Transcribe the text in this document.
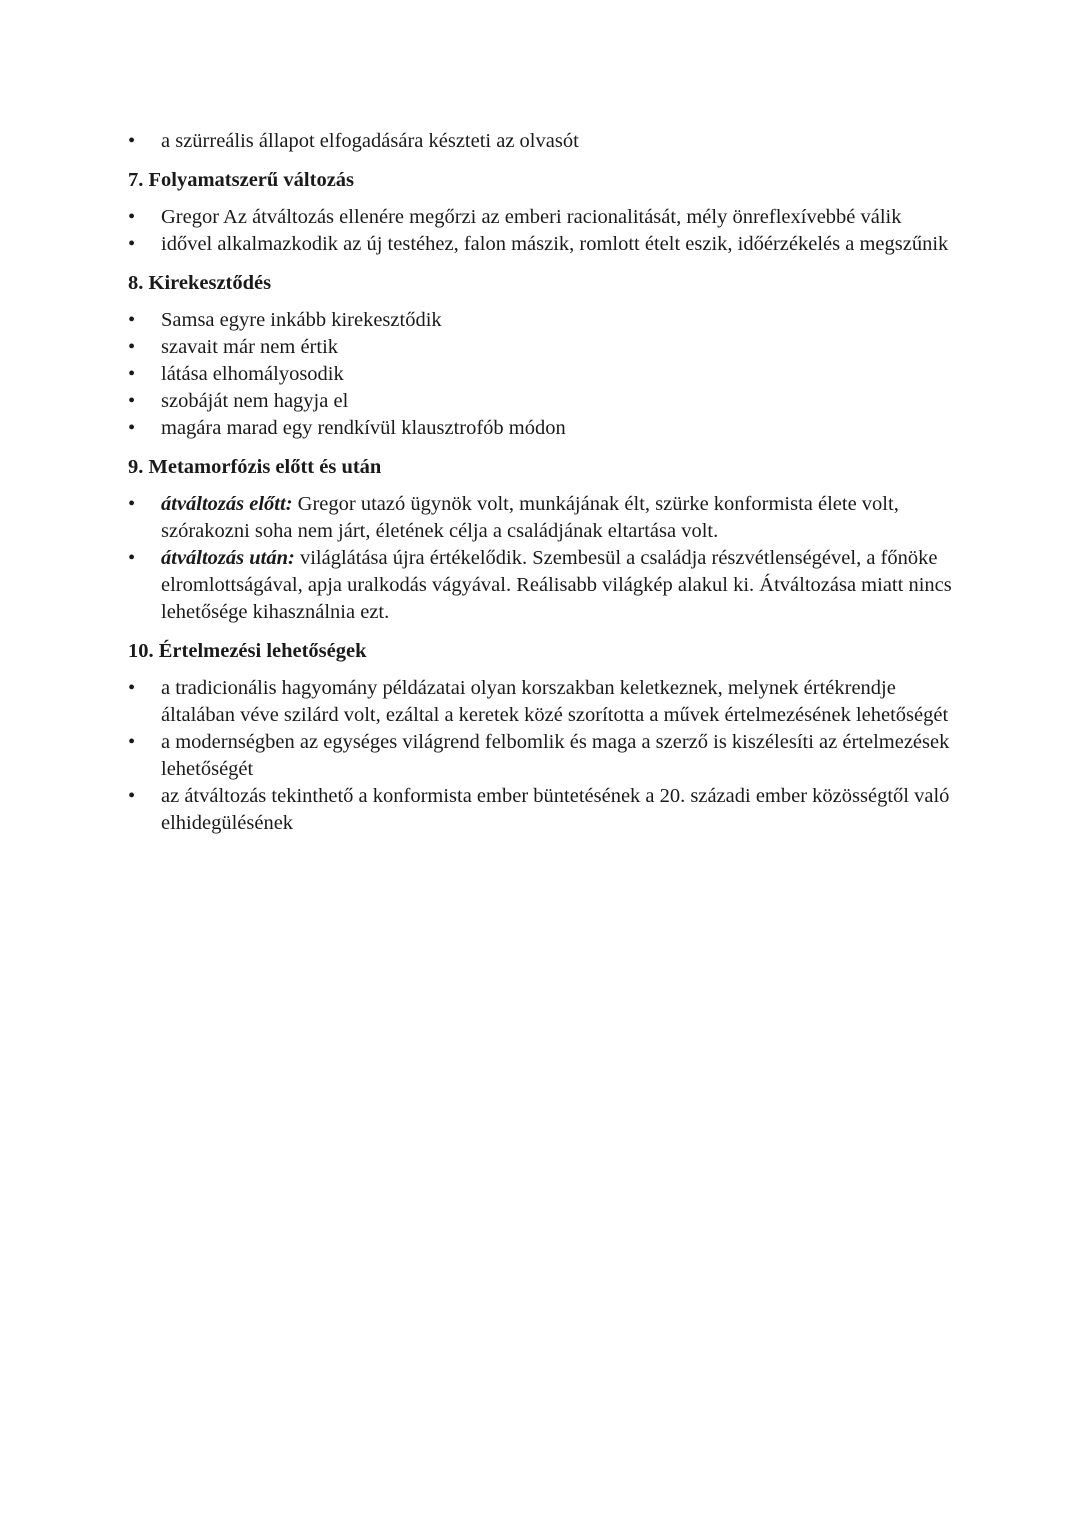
•	a szürreális állapot elfogadására készteti az olvasót
7. Folyamatszerű változás
•	Gregor Az átváltozás ellenére megőrzi az emberi racionalitását, mély önreflexívebbé válik
•	idővel alkalmazkodik az új testéhez, falon mászik, romlott ételt eszik, időérzékelés a megszűnik
8. Kirekesztődés
•	Samsa egyre inkább kirekesztődik
•	szavait már nem értik
•	látása elhomályosodik
•	szobáját nem hagyja el
•	magára marad egy rendkívül klausztrofób módon
9. Metamorfózis előtt és után
•	átváltozás előtt: Gregor utazó ügynök volt, munkájának élt, szürke konformista élete volt, szórakozni soha nem járt, életének célja a családjának eltartása volt.
•	átváltozás után: világlátása újra értékelődik. Szembesül a családja részvétlenségével, a főnöke elromlottságával, apja uralkodás vágyával. Reálisabb világkép alakul ki. Átváltozása miatt nincs lehetősége kihasználnia ezt.
10. Értelmezési lehetőségek
•	a tradicionális hagyomány példázatai olyan korszakban keletkeznek, melynek értékrendje általában véve szilárd volt, ezáltal a keretek közé szorította a művek értelmezésének lehetőségét
•	a modernségben az egységes világrend felbomlik és maga a szerző is kiszélesíti az értelmezések lehetőségét
•	az átváltozás tekinthető a konformista ember büntetésének a 20. századi ember közösségtől való elhidegülésének
